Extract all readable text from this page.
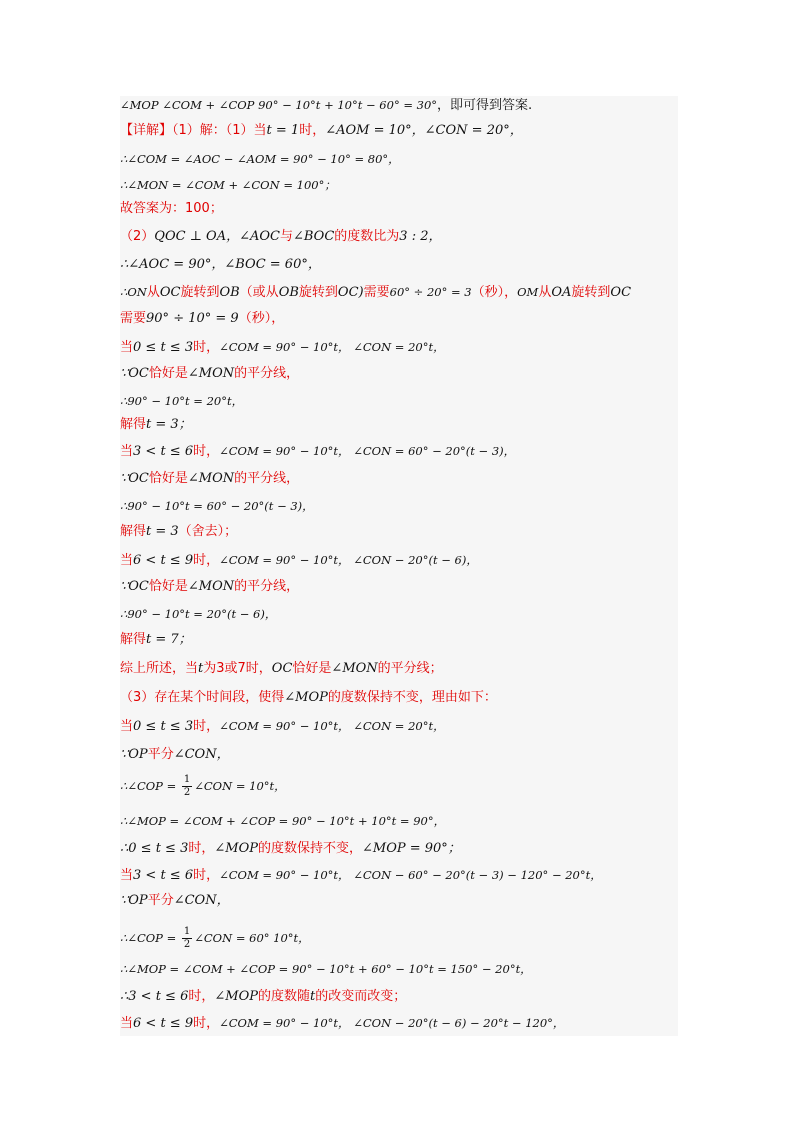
∠MOP ∠COM + ∠COP 90° − 10°t + 10°t − 60° = 30°，即可得到答案.
【详解】（1）解：（1）当t = 1时，∠AOM = 10°，∠CON = 20°，
∴∠COM = ∠AOC − ∠AOM = 90° − 10° = 80°，
∴∠MON = ∠COM + ∠CON = 100°；
故答案为：100；
（2）QOC ⊥ OA，∠AOC与∠BOC的度数比为3 : 2，
∴∠AOC = 90°，∠BOC = 60°，
∴ON从OC旋转到OB（或从OB旋转到OC)需要60° ÷ 20° = 3（秒），OM从OA旋转到OC
需要90° ÷ 10° = 9（秒），
当0 ≤ t ≤ 3时，∠COM = 90° − 10°t， ∠CON = 20°t，
∵OC恰好是∠MON的平分线，
∴90° − 10°t = 20°t，
解得t = 3；
当3 < t ≤ 6时，∠COM = 90° − 10°t， ∠CON = 60° − 20°(t − 3)，
∵OC恰好是∠MON的平分线，
∴90° − 10°t = 60° − 20°(t − 3)，
解得t = 3（舍去）；
当6 < t ≤ 9时，∠COM = 90° − 10°t， ∠CON − 20°(t − 6)，
∵OC恰好是∠MON的平分线，
∴90° − 10°t = 20°(t − 6)，
解得t = 7；
综上所述，当t为3或7时，OC恰好是∠MON的平分线；
（3）存在某个时间段，使得∠MOP的度数保持不变，理由如下：
当0 ≤ t ≤ 3时，∠COM = 90° − 10°t， ∠CON = 20°t，
∵OP平分∠CON，
∴∠COP = $\frac{1}{2}$ ∠CON = 10°t，
∴∠MOP = ∠COM + ∠COP = 90° − 10°t + 10°t = 90°，
∴0 ≤ t ≤ 3时，∠MOP的度数保持不变，∠MOP = 90°；
当3 < t ≤ 6时，∠COM = 90° − 10°t， ∠CON − 60° − 20°(t − 3) − 120° − 20°t，
∵OP平分∠CON，
∴∠COP = $\frac{1}{2}$ ∠CON = 60° 10°t，
∴∠MOP = ∠COM + ∠COP = 90° − 10°t + 60° − 10°t = 150° − 20°t，
∴3 < t ≤ 6时，∠MOP的度数随t的改变而改变；
当6 < t ≤ 9时，∠COM = 90° − 10°t， ∠CON − 20°(t − 6) − 20°t − 120°，
